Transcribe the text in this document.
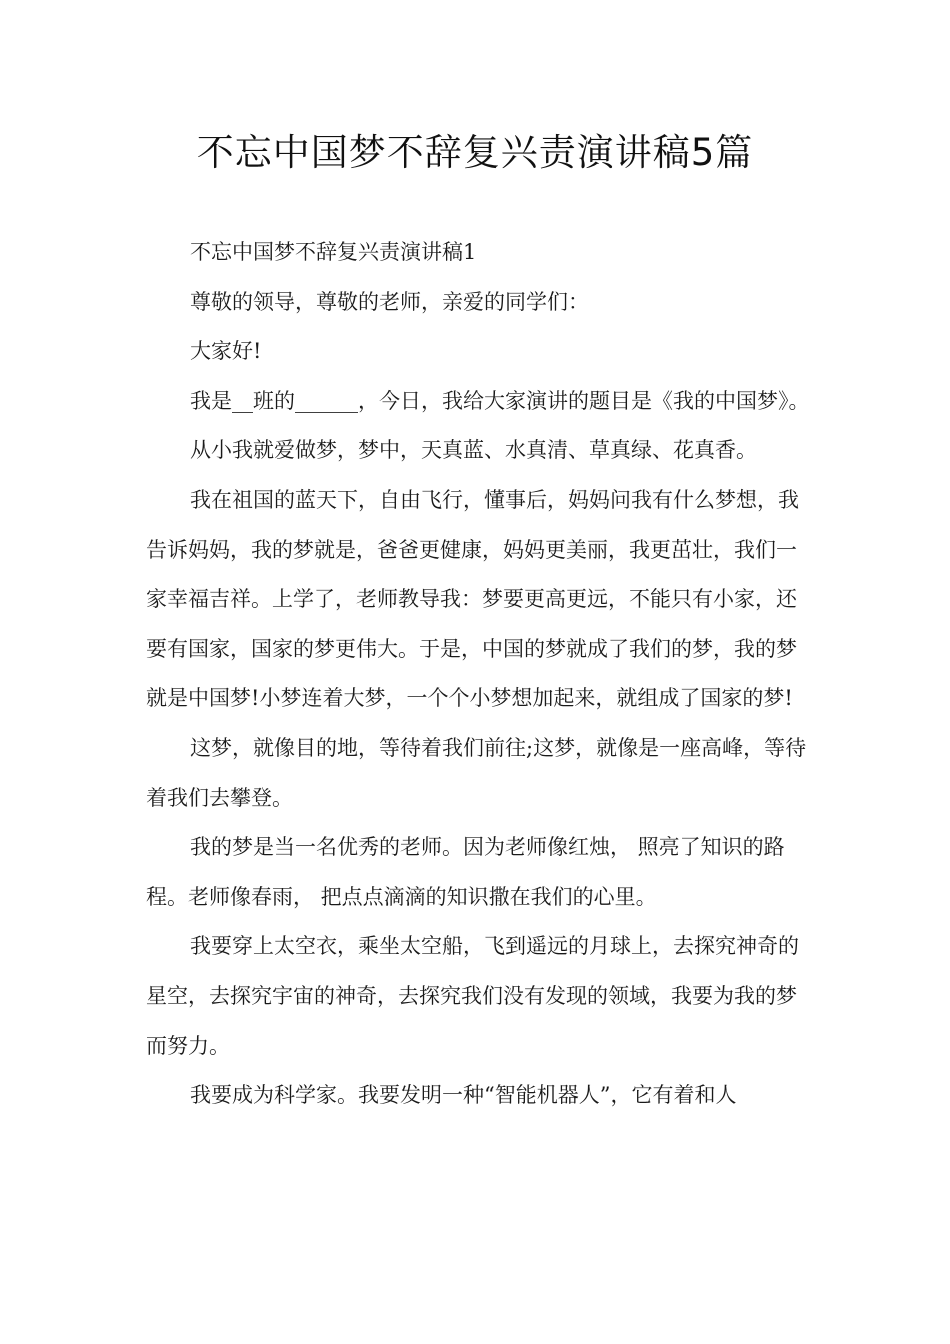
不忘中国梦不辞复兴责演讲稿5篇

不忘中国梦不辞复兴责演讲稿1

尊敬的领导，尊敬的老师，亲爱的同学们：

大家好!

我是__班的______，今日，我给大家演讲的题目是《我的中国梦》。

从小我就爱做梦，梦中，天真蓝、水真清、草真绿、花真香。

我在祖国的蓝天下，自由飞行，懂事后，妈妈问我有什么梦想，我告诉妈妈，我的梦就是，爸爸更健康，妈妈更美丽，我更茁壮，我们一家幸福吉祥。上学了，老师教导我：梦要更高更远，不能只有小家，还要有国家，国家的梦更伟大。于是，中国的梦就成了我们的梦，我的梦就是中国梦!小梦连着大梦，一个个小梦想加起来，就组成了国家的梦!

这梦，就像目的地，等待着我们前往;这梦，就像是一座高峰，等待着我们去攀登。

我的梦是当一名优秀的老师。因为老师像红烛， 照亮了知识的路程。老师像春雨， 把点点滴滴的知识撒在我们的心里。

我要穿上太空衣，乘坐太空船，飞到遥远的月球上，去探究神奇的星空，去探究宇宙的神奇，去探究我们没有发现的领域，我要为我的梦而努力。

我要成为科学家。我要发明一种“智能机器人”，它有着和人
